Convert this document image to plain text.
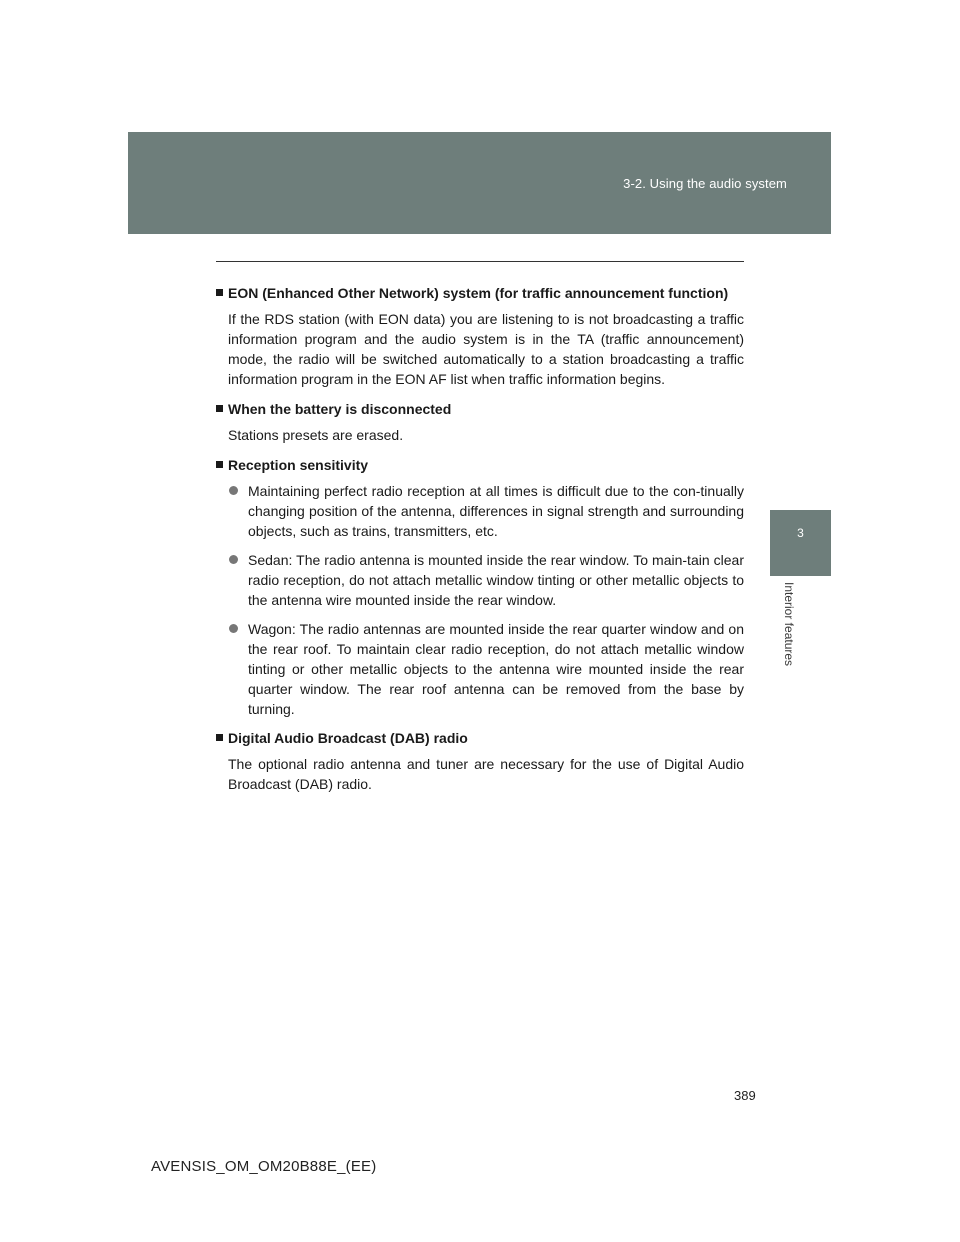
3-2. Using the audio system
3
Interior features
EON (Enhanced Other Network) system (for traffic announcement function)

If the RDS station (with EON data) you are listening to is not broadcasting a traffic information program and the audio system is in the TA (traffic announcement) mode, the radio will be switched automatically to a station broadcasting a traffic information program in the EON AF list when traffic information begins.

When the battery is disconnected

Stations presets are erased.

Reception sensitivity
Maintaining perfect radio reception at all times is difficult due to the con-tinually changing position of the antenna, differences in signal strength and surrounding objects, such as trains, transmitters, etc.
Sedan: The radio antenna is mounted inside the rear window. To main-tain clear radio reception, do not attach metallic window tinting or other metallic objects to the antenna wire mounted inside the rear window.
Wagon: The radio antennas are mounted inside the rear quarter window and on the rear roof. To maintain clear radio reception, do not attach metallic window tinting or other metallic objects to the antenna wire mounted inside the rear quarter window. The rear roof antenna can be removed from the base by turning.
Digital Audio Broadcast (DAB) radio

The optional radio antenna and tuner are necessary for the use of Digital Audio Broadcast (DAB) radio.

389
AVENSIS_OM_OM20B88E_(EE)
